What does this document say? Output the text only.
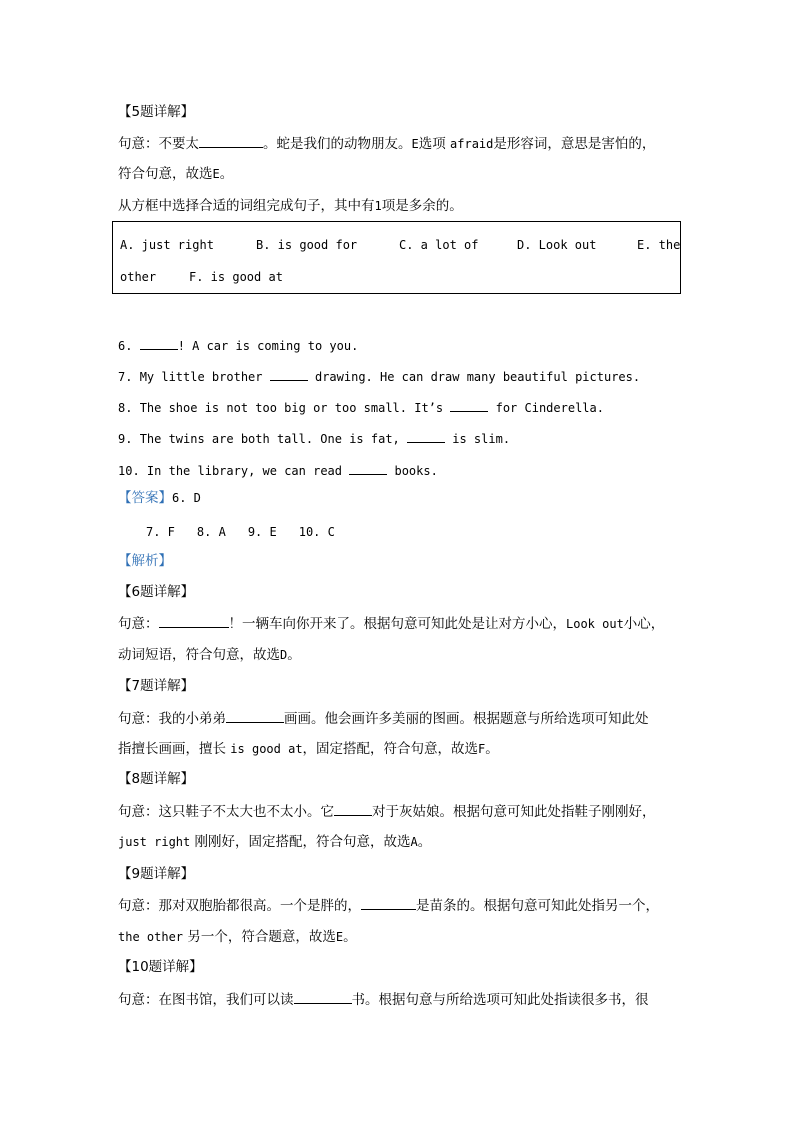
【5题详解】
句意：不要太	。蛇是我们的动物朋友。E选项 afraid是形容词，意思是害怕的，
符合句意，故选E。
从方框中选择合适的词组完成句子，其中有1项是多余的。
6.	! A car is coming to you.
7. My little brother	drawing. He can draw many beautiful pictures.
8. The shoe is not too big or too small. It’s	for Cinderella.
9. The twins are both tall. One is fat,	is slim.
10. In the library, we can read	books.
【答案】6. D
7. F 8. A 9. E 10. C
【解析】
【6题详解】
句意：	！一辆车向你开来了。根据句意可知此处是让对方小心，Look out小心，
动词短语，符合句意，故选D。
【7题详解】
句意：我的小弟弟	画画。他会画许多美丽的图画。根据题意与所给选项可知此处
指擅长画画，擅长 is good at，固定搭配，符合句意，故选F。
【8题详解】
句意：这只鞋子不太大也不太小。它	对于灰姑娘。根据句意可知此处指鞋子刚刚好，
just right 刚刚好，固定搭配，符合句意，故选A。
【9题详解】
句意：那对双胞胎都很高。一个是胖的，	是苗条的。根据句意可知此处指另一个，
the other 另一个，符合题意，故选E。
【10题详解】
句意：在图书馆，我们可以读	书。根据句意与所给选项可知此处指读很多书，很
A. just right	B. is good for	C. a lot of	D. Look out	E. the
other	F. is good at
